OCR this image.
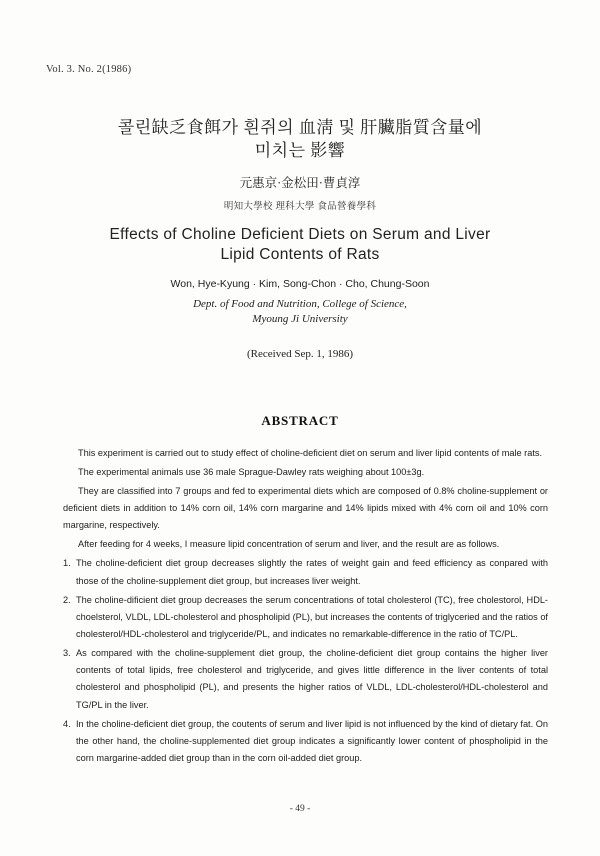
Vol. 3. No. 2(1986)
콜린缺乏食餌가 흰쥐의 血淸 및 肝臟脂質含量에
미치는 影響
元惠京·金松田·曹貞淳
明知大學校 理科大學 食品營養學科
Effects of Choline Deficient Diets on Serum and Liver
Lipid Contents of Rats
Won, Hye-Kyung · Kim, Song-Chon · Cho, Chung-Soon
Dept. of Food and Nutrition, College of Science,
Myoung Ji University
(Received Sep. 1, 1986)
ABSTRACT

This experiment is carried out to study effect of choline-deficient diet on serum and liver lipid contents of male rats.

The experimental animals use 36 male Sprague-Dawley rats weighing about 100±3g.

They are classified into 7 groups and fed to experimental diets which are composed of 0.8% choline-supplement or deficient diets in addition to 14% corn oil, 14% corn margarine and 14% lipids mixed with 4% corn oil and 10% corn margarine, respectively.

After feeding for 4 weeks, I measure lipid concentration of serum and liver, and the result are as follows.

1. The choline-deficient diet group decreases slightly the rates of weight gain and feed efficiency as conpared with those of the choline-supplement diet group, but increases liver weight.
2. The choline-dificient diet group decreases the serum concentrations of total cholesterol (TC), free cholestorol, HDL-choelsterol, VLDL, LDL-cholesterol and phospholipid (PL), but increases the contents of triglyceried and the ratios of cholesterol/HDL-cholesterol and triglyceride/PL, and indicates no remarkable-difference in the ratio of TC/PL.
3. As compared with the choline-supplement diet group, the choline-deficient diet group contains the higher liver contents of total lipids, free cholesterol and triglyceride, and gives little difference in the liver contents of total cholesterol and phospholipid (PL), and presents the higher ratios of VLDL, LDL-cholesterol/HDL-cholesterol and TG/PL in the liver.
4. In the choline-deficient diet group, the coutents of serum and liver lipid is not influenced by the kind of dietary fat. On the other hand, the choline-supplemented diet group indicates a significantly lower content of phospholipid in the corn margarine-added diet group than in the corn oil-added diet group.
- 49 -
